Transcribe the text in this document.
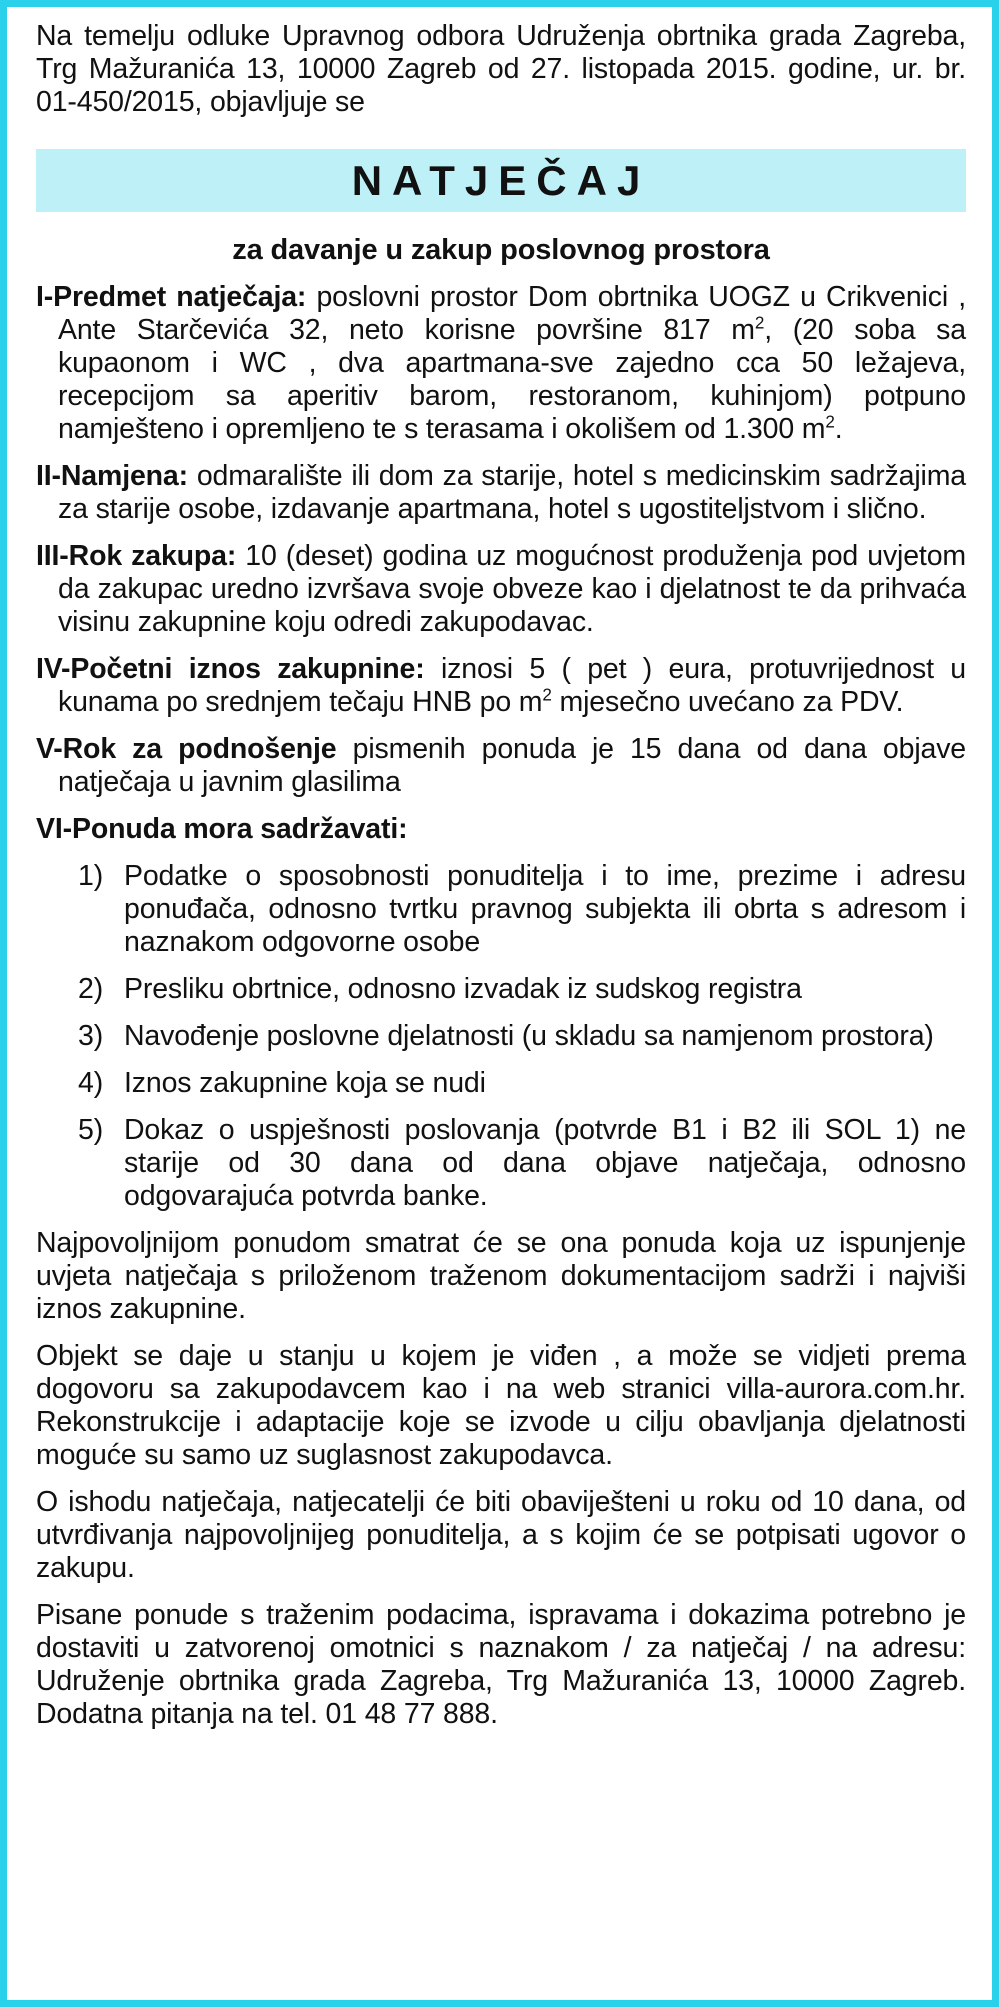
Na temelju odluke Upravnog odbora Udruženja obrtnika grada Zagreba, Trg Mažuranića 13, 10000 Zagreb od 27. listopada 2015. godine, ur. br. 01-450/2015, objavljuje se

NATJEČAJ
za davanje u zakup poslovnog prostora

I-Predmet natječaja: poslovni prostor Dom obrtnika UOGZ u Crikvenici , Ante Starčevića 32, neto korisne površine 817 $m^2$, (20 soba sa kupaonom i WC , dva apartmana-sve zajedno cca 50 ležajeva, recepcijom sa aperitiv barom, restoranom, kuhinjom) potpuno namješteno i opremljeno te s terasama i okolišem od 1.300 $m^2$.

II-Namjena: odmaralište ili dom za starije, hotel s medicinskim sadržajima za starije osobe, izdavanje apartmana, hotel s ugostiteljstvom i slično.

III-Rok zakupa: 10 (deset) godina uz mogućnost produženja pod uvjetom da zakupac uredno izvršava svoje obveze kao i djelatnost te da prihvaća visinu zakupnine koju odredi zakupodavac.

IV-Početni iznos zakupnine: iznosi 5 ( pet ) eura, protuvrijednost u kunama po srednjem tečaju HNB po $m^2$ mjesečno uvećano za PDV.

V-Rok za podnošenje pismenih ponuda je 15 dana od dana objave natječaja u javnim glasilima

VI-Ponuda mora sadržavati:

1) Podatke o sposobnosti ponuditelja i to ime, prezime i adresu ponuđača, odnosno tvrtku pravnog subjekta ili obrta s adresom i naznakom odgovorne osobe
2) Presliku obrtnice, odnosno izvadak iz sudskog registra
3) Navođenje poslovne djelatnosti (u skladu sa namjenom prostora)
4) Iznos zakupnine koja se nudi
5) Dokaz o uspješnosti poslovanja (potvrde B1 i B2 ili SOL 1) ne starije od 30 dana od dana objave natječaja, odnosno odgovarajuća potvrda banke.

Najpovoljnijom ponudom smatrat će se ona ponuda koja uz ispunjenje uvjeta natječaja s priloženom traženom dokumentacijom sadrži i najviši iznos zakupnine.

Objekt se daje u stanju u kojem je viđen , a može se vidjeti prema dogovoru sa zakupodavcem kao i na web stranici villa-aurora.com.hr. Rekonstrukcije i adaptacije koje se izvode u cilju obavljanja djelatnosti moguće su samo uz suglasnost zakupodavca.

O ishodu natječaja, natjecatelji će biti obaviješteni u roku od 10 dana, od utvrđivanja najpovoljnijeg ponuditelja, a s kojim će se potpisati ugovor o zakupu.

Pisane ponude s traženim podacima, ispravama i dokazima potrebno je dostaviti u zatvorenoj omotnici s naznakom / za natječaj / na adresu: Udruženje obrtnika grada Zagreba, Trg Mažuranića 13, 10000 Zagreb. Dodatna pitanja na tel. 01 48 77 888.
